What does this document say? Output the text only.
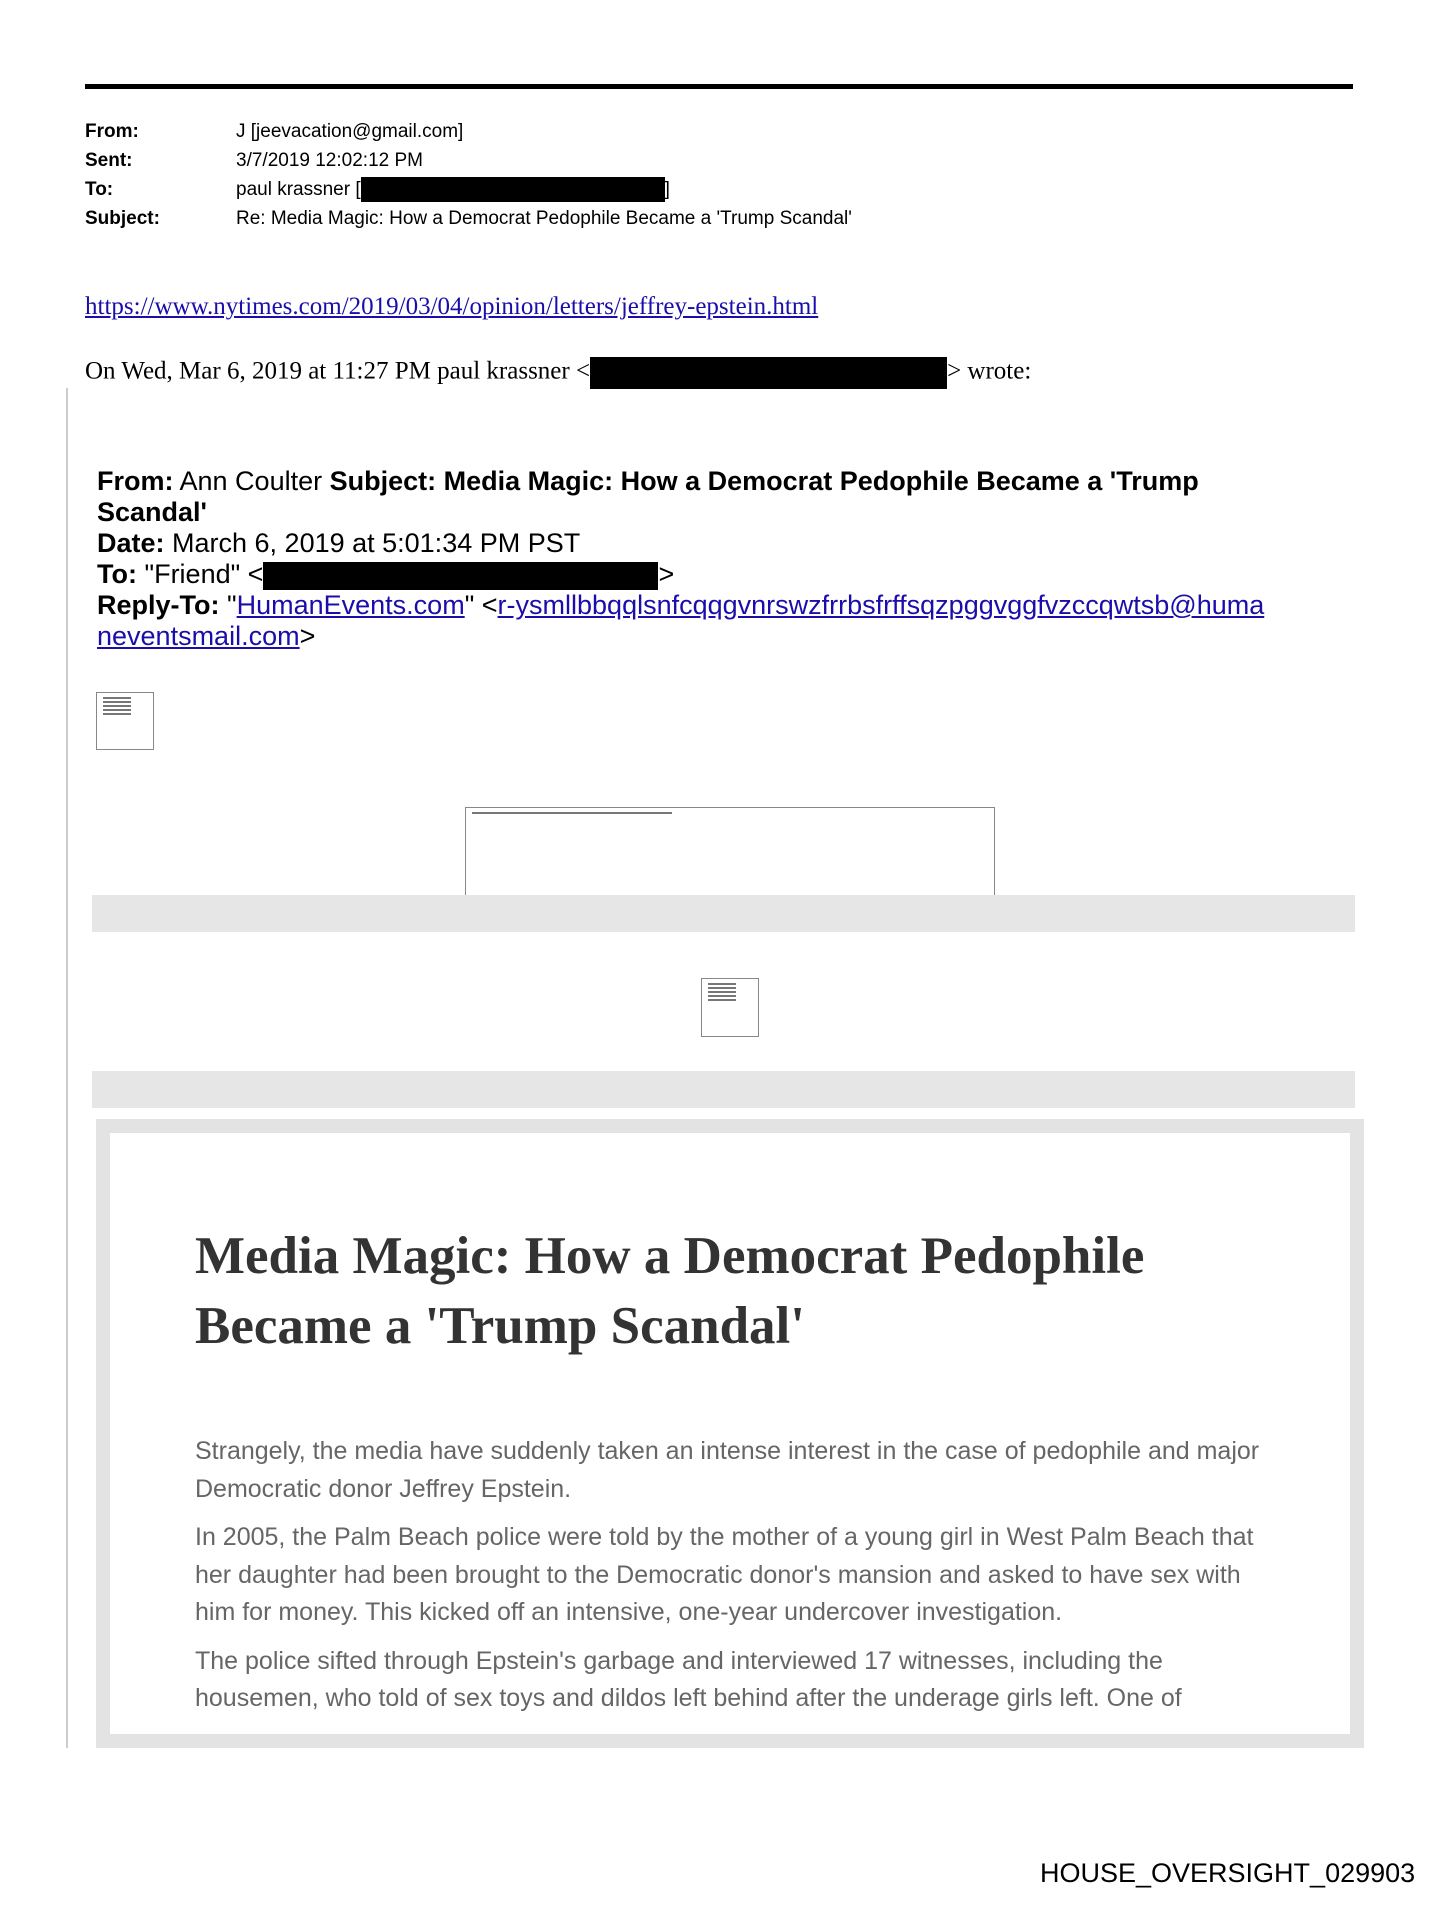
From:	J [jeevacation@gmail.com]
Sent:	3/7/2019 12:02:12 PM
To:	paul krassner [	]
Subject:	Re: Media Magic: How a Democrat Pedophile Became a 'Trump Scandal'
https://www.nytimes.com/2019/03/04/opinion/letters/jeffrey-epstein.html
On Wed, Mar 6, 2019 at 11:27 PM paul krassner <	> wrote:
From: Ann Coulter Subject: Media Magic: How a Democrat Pedophile Became a 'Trump Scandal'
Date: March 6, 2019 at 5:01:34 PM PST
To: "Friend" <	>
Reply-To: "HumanEvents.com" <r-ysmllbbqqlsnfcqqgvnrswzfrrbsfrffsqzpggvggfvzccqwtsb@humaneventsmail.com>
Media Magic: How a Democrat Pedophile Became a 'Trump Scandal'

Strangely, the media have suddenly taken an intense interest in the case of pedophile and major Democratic donor Jeffrey Epstein.

In 2005, the Palm Beach police were told by the mother of a young girl in West Palm Beach that her daughter had been brought to the Democratic donor's mansion and asked to have sex with him for money. This kicked off an intensive, one-year undercover investigation.

The police sifted through Epstein's garbage and interviewed 17 witnesses, including the housemen, who told of sex toys and dildos left behind after the underage girls left. One of

HOUSE_OVERSIGHT_029903
